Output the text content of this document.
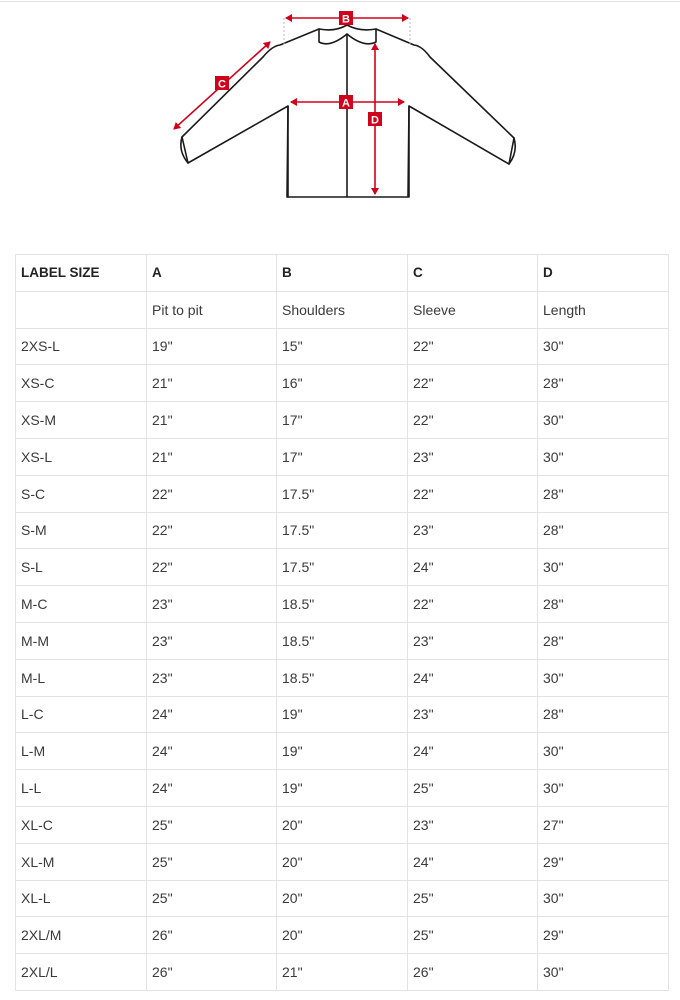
B
C
A
D
LABEL SIZE	A	B	C	D
	Pit to pit	Shoulders	Sleeve	Length
2XS-L	19"	15"	22"	30"
XS-C	21"	16"	22"	28"
XS-M	21"	17"	22"	30"
XS-L	21"	17"	23"	30"
S-C	22"	17.5"	22"	28"
S-M	22"	17.5"	23"	28"
S-L	22"	17.5"	24"	30"
M-C	23"	18.5"	22"	28"
M-M	23"	18.5"	23"	28"
M-L	23"	18.5"	24"	30"
L-C	24"	19"	23"	28"
L-M	24"	19"	24"	30"
L-L	24"	19"	25"	30"
XL-C	25"	20"	23"	27"
XL-M	25"	20"	24"	29"
XL-L	25"	20"	25"	30"
2XL/M	26"	20"	25"	29"
2XL/L	26"	21"	26"	30"
